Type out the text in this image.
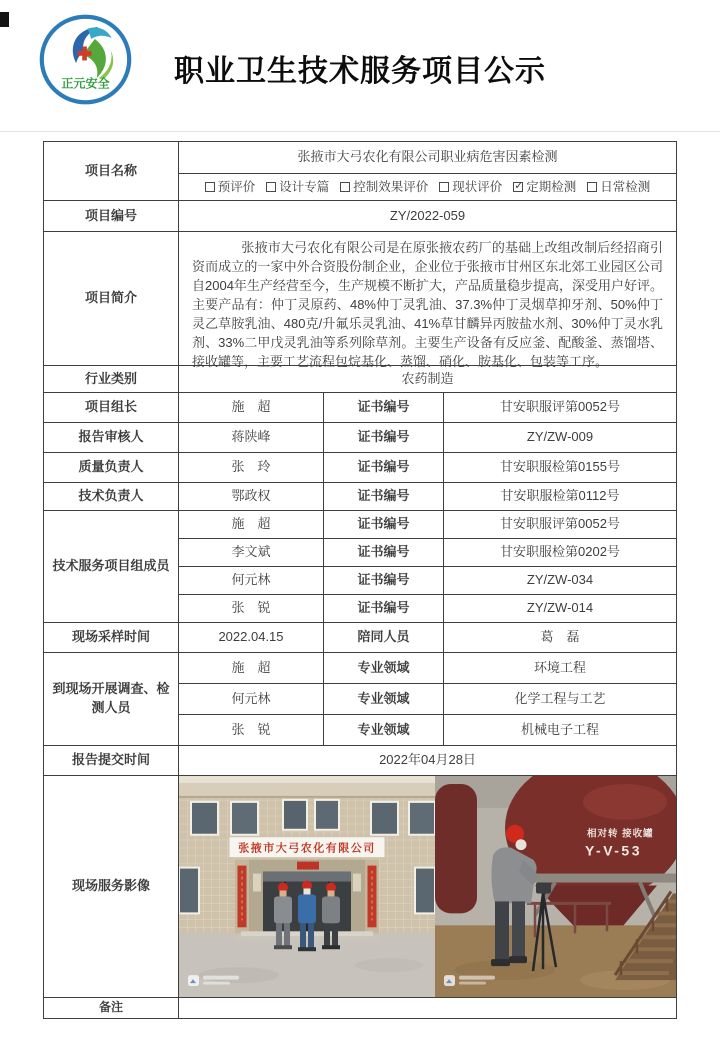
正元安全	职业卫生技术服务项目公示
项目名称
张掖市大弓农化有限公司职业病危害因素检测
预评价 设计专篇 控制效果评价 现状评价 ✓ 定期检测 日常检测
项目编号	ZY/2022-059
项目简介
张掖市大弓农化有限公司是在原张掖农药厂的基础上改组改制后经招商引资而成立的一家中外合资股份制企业，企业位于张掖市甘州区东北郊工业园区公司自2004年生产经营至今，生产规模不断扩大，产品质量稳步提高，深受用户好评。主要产品有：仲丁灵原药、48%仲丁灵乳油、37.3%仲丁灵烟草抑牙剂、50%仲丁灵乙草胺乳油、480克/升氟乐灵乳油、41%草甘麟异丙胺盐水剂、30%仲丁灵水乳剂、33%二甲戊灵乳油等系列除草剂。主要生产设备有反应釜、配酸釜、蒸馏塔、接收罐等，主要工艺流程包烷基化、蒸馏、硝化、胺基化、包装等工序。
行业类别	农药制造
项目组长	施　超	证书编号	甘安职服评第0052号
报告审核人	蒋陕峰	证书编号	ZY/ZW-009
质量负责人	张　玲	证书编号	甘安职服检第0155号
技术负责人	鄂政权	证书编号	甘安职服检第0112号
技术服务项目组成员
施　超	证书编号	甘安职服评第0052号
李文斌	证书编号	甘安职服检第0202号
何元林	证书编号	ZY/ZW-034
张　锐	证书编号	ZY/ZW-014
现场采样时间	2022.04.15	陪同人员	葛　磊
到现场开展调查、检测人员
施　超	专业领域	环境工程
何元林	专业领域	化学工程与工艺
张　锐	专业领域	机械电子工程
报告提交时间	2022年04月28日
现场服务影像
张掖市大弓农化有限公司
相对转 接收罐
Y-V-53
备注
